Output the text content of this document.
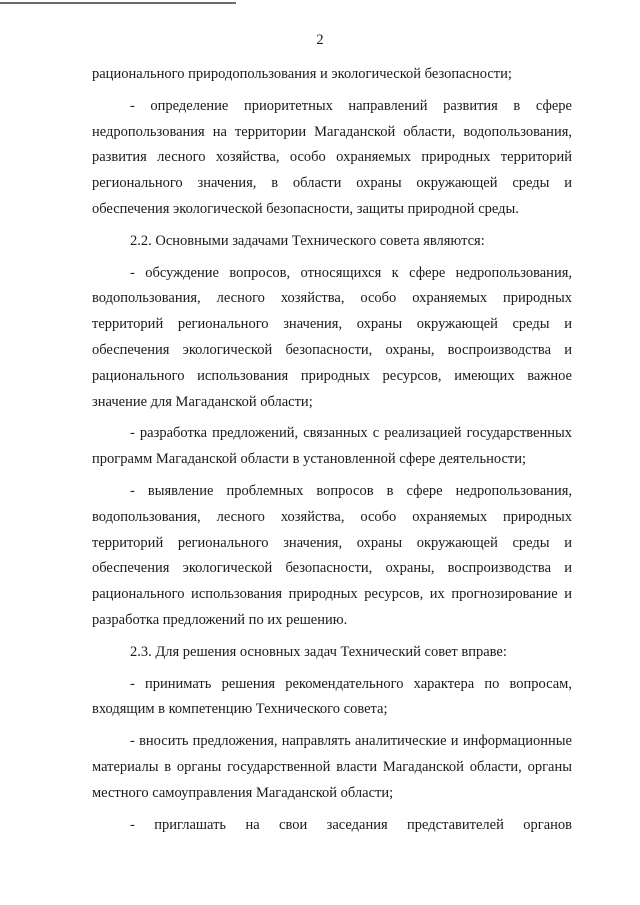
2

рационального природопользования и экологической безопасности;

- определение приоритетных направлений развития в сфере недропользования на территории Магаданской области, водопользования, развития лесного хозяйства, особо охраняемых природных территорий регионального значения, в области охраны окружающей среды и обеспечения экологической безопасности, защиты природной среды.

2.2. Основными задачами Технического совета являются:

- обсуждение вопросов, относящихся к сфере недропользования, водопользования, лесного хозяйства, особо охраняемых природных территорий регионального значения, охраны окружающей среды и обеспечения экологической безопасности, охраны, воспроизводства и рационального использования природных ресурсов, имеющих важное значение для Магаданской области;

- разработка предложений, связанных с реализацией государственных программ Магаданской области в установленной сфере деятельности;

- выявление проблемных вопросов в сфере недропользования, водопользования, лесного хозяйства, особо охраняемых природных территорий регионального значения, охраны окружающей среды и обеспечения экологической безопасности, охраны, воспроизводства и рационального использования природных ресурсов, их прогнозирование и разработка предложений по их решению.

2.3. Для решения основных задач Технический совет вправе:

- принимать решения рекомендательного характера по вопросам, входящим в компетенцию Технического совета;

- вносить предложения, направлять аналитические и информационные материалы в органы государственной власти Магаданской области, органы местного самоуправления Магаданской области;

- приглашать на свои заседания представителей органов
